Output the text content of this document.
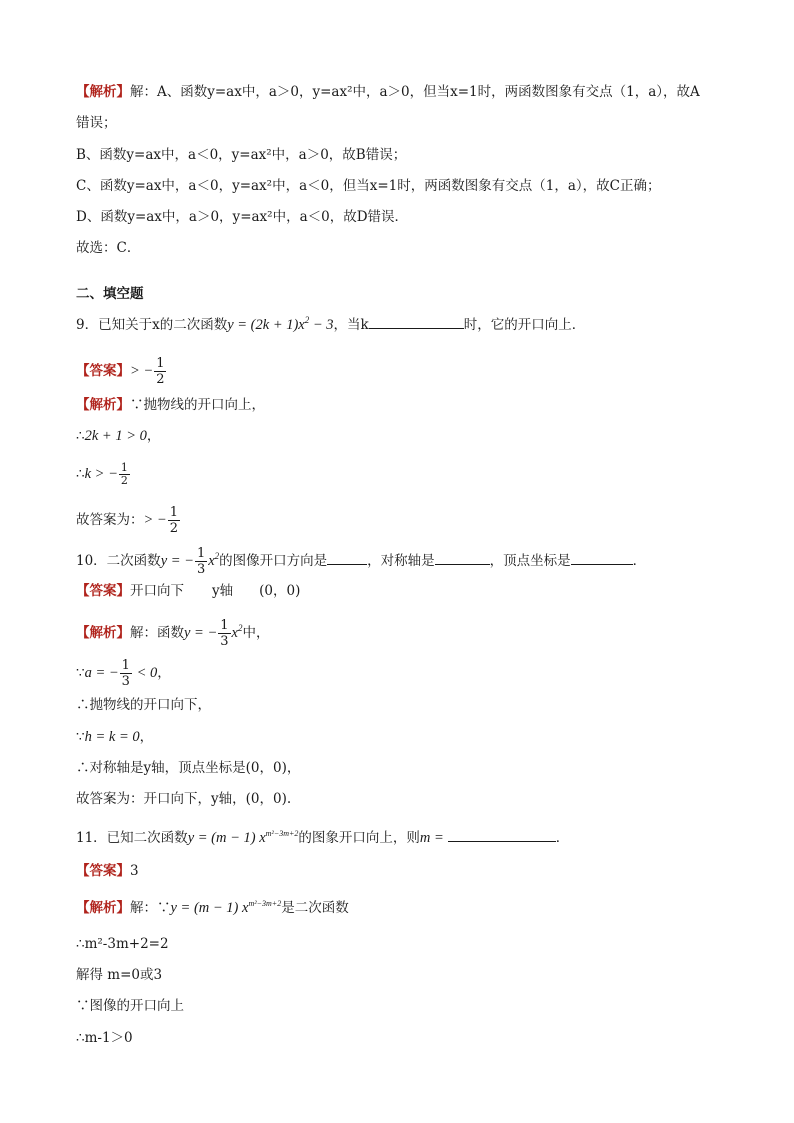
【解析】解：A、函数y=ax中，a＞0，y=ax²中，a＞0，但当x=1时，两函数图象有交点（1，a），故A
错误；
B、函数y=ax中，a＜0，y=ax²中，a＞0，故B错误；
C、函数y=ax中，a＜0，y=ax²中，a＜0，但当x=1时，两函数图象有交点（1，a），故C正确；
D、函数y=ax中，a＞0，y=ax²中，a＜0，故D错误．
故选：C．
二、填空题
9．已知关于x的二次函数$y = (2k + 1)x^2 - 3$，当k	时，它的开口向上．
【答案】> − $\frac{1}{2}$
【解析】∵抛物线的开口向上，
∴2k + 1 > 0，
∴k > − $\frac{1}{2}$
故答案为：> − $\frac{1}{2}$
10．二次函数y = − $\frac{1}{3} x^2$的图像开口方向是	，对称轴是	，顶点坐标是	．
【答案】开口向下 y轴 (0，0)
【解析】解：函数y = − $\frac{1}{3} x^2$中，
∵a = − $\frac{1}{3} < 0$，
∴抛物线的开口向下，
∵h = k = 0，
∴对称轴是y轴，顶点坐标是(0，0)，
故答案为：开口向下，y轴，(0，0).
11．已知二次函数y = (m − 1) $x^{m^2-3m+2}$的图象开口向上，则m =	．
【答案】3
【解析】解：∵y = (m − 1) $x^{m^2-3m+2}$是二次函数
∴m²-3m+2=2
解得 m=0或3
∵图像的开口向上
∴m-1＞0
